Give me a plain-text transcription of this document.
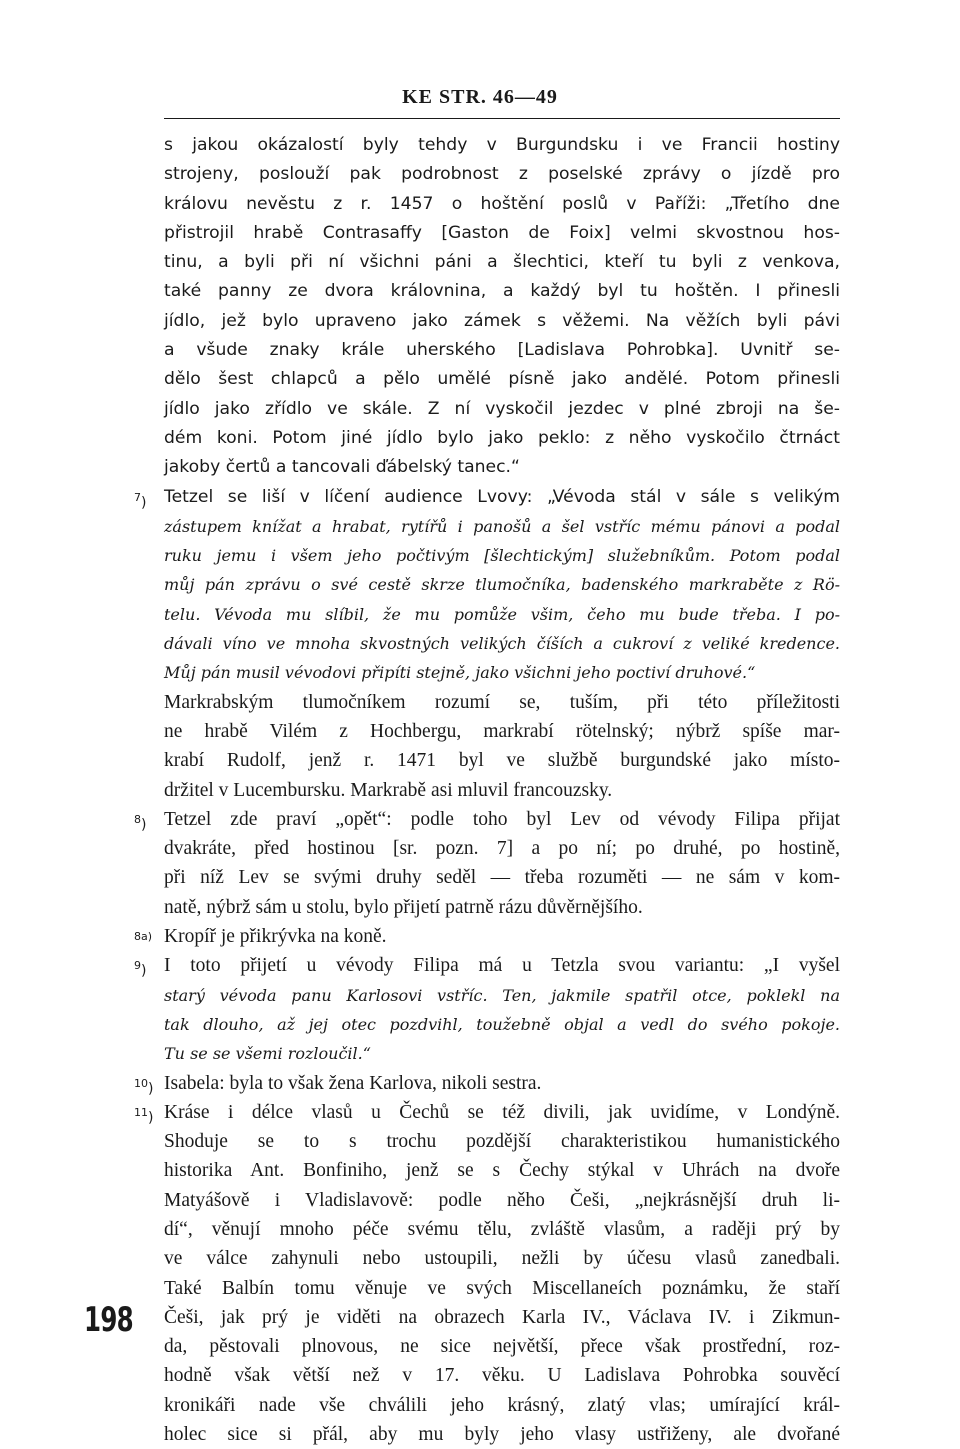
KE STR. 46—49
s jakou okázalostí byly tehdy v Burgundsku i ve Francii hostiny
strojeny, poslouží pak podrobnost z poselské zprávy o jízdě pro
královu nevěstu z r. 1457 o hoštění poslů v Paříži: „Třetího dne
přistrojil hrabě Contrasaffy [Gaston de Foix] velmi skvostnou hos-
tinu, a byli při ní všichni páni a šlechtici, kteří tu byli z venkova,
také panny ze dvora královnina, a každý byl tu hoštěn. I přinesli
jídlo, jež bylo upraveno jako zámek s věžemi. Na věžích byli pávi
a všude znaky krále uherského [Ladislava Pohrobka]. Uvnitř se-
dělo šest chlapců a pělo umělé písně jako andělé. Potom přinesli
jídlo jako zřídlo ve skále. Z ní vyskočil jezdec v plné zbroji na še-
dém koni. Potom jiné jídlo bylo jako peklo: z něho vyskočilo čtrnáct
jakoby čertů a tancovali ďábelský tanec.“
$^7$)	Tetzel se liší v líčení audience Lvovy: „Vévoda stál v sále s velikým
zástupem knížat a hrabat, rytířů i panošů a šel vstříc mému pánovi a podal
ruku jemu i všem jeho počtivým [šlechtickým] služebníkům. Potom podal
můj pán zprávu o své cestě skrze tlumočníka, badenského markraběte z Rö-
telu. Vévoda mu slíbil, že mu pomůže všim, čeho mu bude třeba. I po-
dávali víno ve mnoha skvostných velikých číších a cukroví z veliké kredence.
Můj pán musil vévodovi připíti stejně, jako všichni jeho poctiví druhové.“
Markrabským tlumočníkem rozumí se, tuším, při této příležitosti
ne hrabě Vilém z Hochbergu, markrabí rötelnský; nýbrž spíše mar-
krabí Rudolf, jenž r. 1471 byl ve službě burgundské jako místo-
držitel v Lucembursku. Markrabě asi mluvil francouzsky.
$^8$) Tetzel zde praví „opět“: podle toho byl Lev od vévody Filipa přijat
dvakráte, před hostinou [sr. pozn. 7] a po ní; po druhé, po hostině,
při níž Lev se svými druhy seděl — třeba rozuměti — ne sám v kom-
natě, nýbrž sám u stolu, bylo přijetí patrně rázu důvěrnějšího.
$^{8a)}$ Kropíř je přikrývka na koně.
$^9$) I toto přijetí u vévody Filipa má u Tetzla svou variantu: „I vyšel
starý vévoda panu Karlosovi vstříc. Ten, jakmile spatřil otce, poklekl na
tak dlouho, až jej otec pozdvihl, toužebně objal a vedl do svého pokoje.
Tu se se všemi rozloučil.“
$^{10}$) Isabela: byla to však žena Karlova, nikoli sestra.
$^{11}$) Kráse i délce vlasů u Čechů se též divili, jak uvidíme, v Londýně.
Shoduje se to s trochu pozdější charakteristikou humanistického
historika Ant. Bonfiniho, jenž se s Čechy stýkal v Uhrách na dvoře
Matyášově i Vladislavově: podle něho Češi, „nejkrásnější druh li-
dí“, věnují mnoho péče svému tělu, zvláště vlasům, a raději prý by
ve válce zahynuli nebo ustoupili, nežli by účesu vlasů zanedbali.
Také Balbín tomu věnuje ve svých Miscellaneích poznámku, že staří
Češi, jak prý je viděti na obrazech Karla IV., Václava IV. i Zikmun-
da, pěstovali plnovous, ne sice největší, přece však prostřední, roz-
hodně však větší než v 17. věku. U Ladislava Pohrobka souvěcí
kronikáři nade vše chválili jeho krásný, zlatý vlas; umírající král-
holec sice si přál, aby mu byly jeho vlasy ustřiženy, ale dvořané
198
